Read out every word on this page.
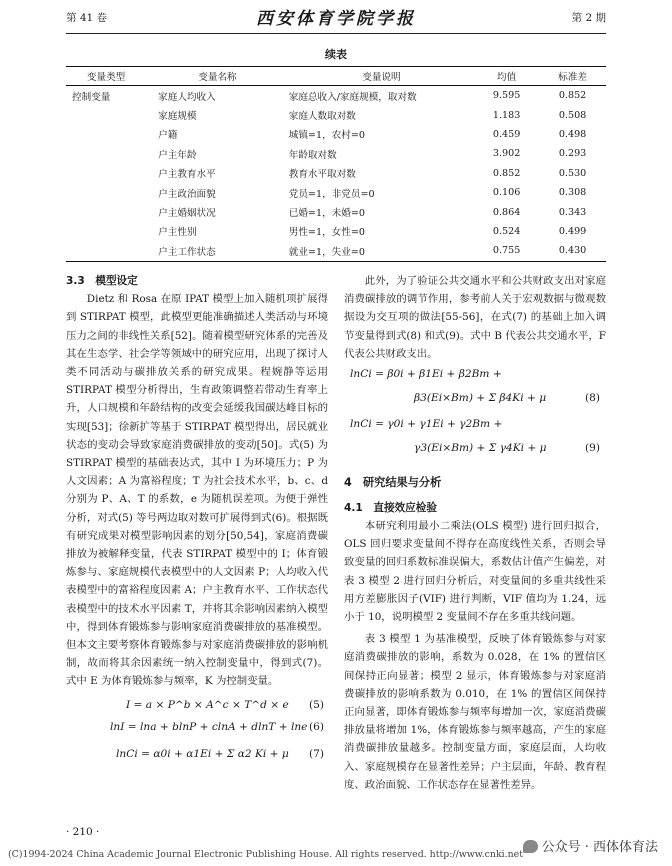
第 41 卷	西安体育学院学报	第 2 期
续表
变量类型	变量名称	变量说明	均值	标准差
控制变量	家庭人均收入	家庭总收入/家庭规模，取对数	9.595	0.852
	家庭规模	家庭人数取对数	1.183	0.508
	户籍	城镇=1，农村=0	0.459	0.498
	户主年龄	年龄取对数	3.902	0.293
	户主教育水平	教育水平取对数	0.852	0.530
	户主政治面貌	党员=1，非党员=0	0.106	0.308
	户主婚姻状况	已婚=1，未婚=0	0.864	0.343
	户主性别	男性=1，女性=0	0.524	0.499
	户主工作状态	就业=1，失业=0	0.755	0.430

3.3　模型设定

Dietz 和 Rosa 在原 IPAT 模型上加入随机项扩展得到 STIRPAT 模型，此模型更能准确描述人类活动与环境压力之间的非线性关系[52]。随着模型研究体系的完善及其在生态学、社会学等领域中的研究应用，出现了探讨人类不同活动与碳排放关系的研究成果。程婉静等运用 STIRPAT 模型分析得出，生育政策调整若带动生育率上升，人口规模和年龄结构的改变会延缓我国碳达峰目标的实现[53]；徐新扩等基于 STIRPAT 模型得出，居民就业状态的变动会导致家庭消费碳排放的变动[50]。式(5) 为 STIRPAT 模型的基础表达式，其中 I 为环境压力；P 为人文因素；A 为富裕程度；T 为社会技术水平，b、c、d 分别为 P、A、T 的系数，e 为随机误差项。为便于弹性分析，对式(5) 等号两边取对数可扩展得到式(6)。根据既有研究成果对模型影响因素的划分[50,54]，家庭消费碳排放为被解释变量，代表 STIRPAT 模型中的 I；体育锻炼参与、家庭规模代表模型中的人文因素 P；人均收入代表模型中的富裕程度因素 A；户主教育水平、工作状态代表模型中的技术水平因素 T，并将其余影响因素纳入模型中，得到体育锻炼参与影响家庭消费碳排放的基准模型。但本文主要考察体育锻炼参与对家庭消费碳排放的影响机制，故而将其余因素统一纳入控制变量中，得到式(7)。式中 E 为体育锻炼参与频率，K 为控制变量。

I = a × P^b × A^c × T^d × e (5)
lnI = lna + blnP + clnA + dlnT + lne (6)
lnCi = α0i + α1Ei + Σ α2 Ki + μ (7)

此外，为了验证公共交通水平和公共财政支出对家庭消费碳排放的调节作用，参考前人关于宏观数据与微观数据设为交互项的做法[55-56]，在式(7) 的基础上加入调节变量得到式(8) 和式(9)。式中 B 代表公共交通水平，F 代表公共财政支出。

lnCi = β0i + β1Ei + β2Bm +
β3(Ei×Bm) + Σ β4Ki + μ	(8)
lnCi = γ0i + γ1Ei + γ2Bm +
γ3(Ei×Bm) + Σ γ4Ki + μ	(9)
4　研究结果与分析
4.1　直接效应检验

本研究利用最小二乘法(OLS 模型) 进行回归拟合，OLS 回归要求变量间不得存在高度线性关系，否则会导致变量的回归系数标准误偏大，系数估计值产生偏差，对表 3 模型 2 进行回归分析后，对变量间的多重共线性采用方差膨胀因子(VIF) 进行判断，VIF 值均为 1.24，远小于 10，说明模型 2 变量间不存在多重共线问题。

表 3 模型 1 为基准模型，反映了体育锻炼参与对家庭消费碳排放的影响，系数为 0.028，在 1% 的置信区间保持正向显著；模型 2 显示，体育锻炼参与对家庭消费碳排放的影响系数为 0.010，在 1% 的置信区间保持正向显著，即体育锻炼参与频率每增加一次，家庭消费碳排放量将增加 1%，体育锻炼参与频率越高，产生的家庭消费碳排放量越多。控制变量方面，家庭层面，人均收入、家庭规模存在显著性差异；户主层面，年龄、教育程度、政治面貌、工作状态存在显著性差异。

· 210 ·
公众号 · 西体体育法
(C)1994-2024 China Academic Journal Electronic Publishing House. All rights reserved. http://www.cnki.net
